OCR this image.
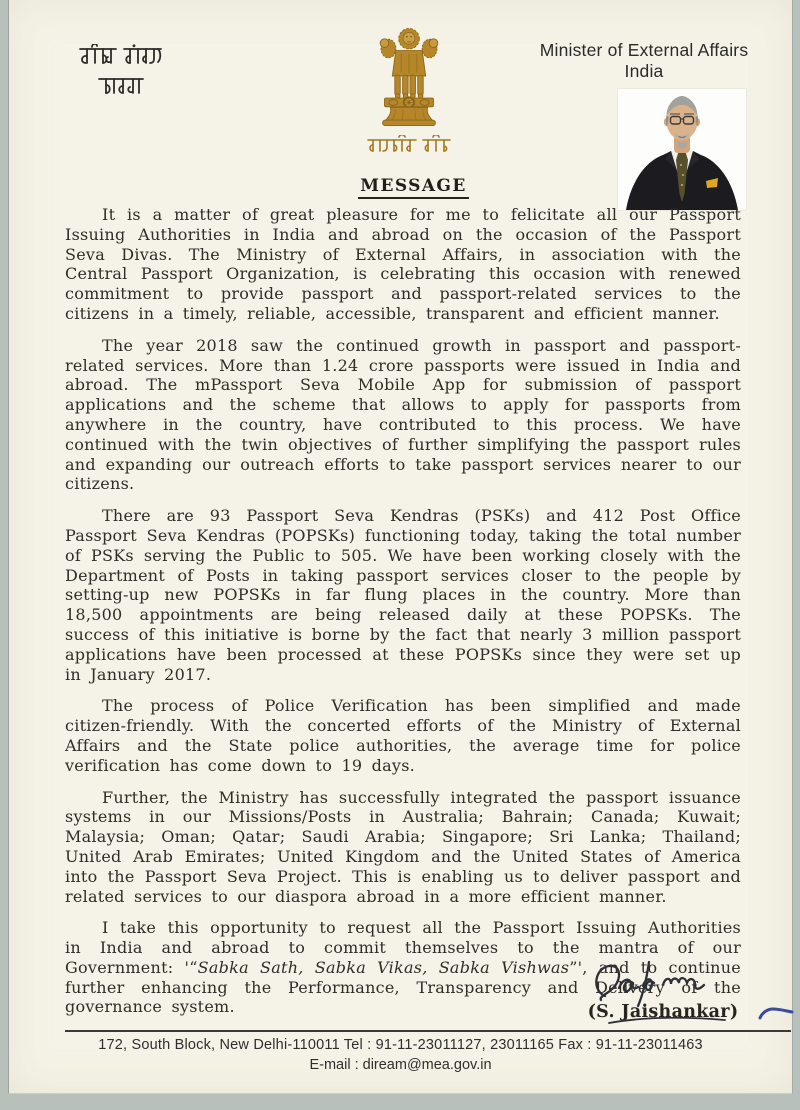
Minister of External Affairs
India
MESSAGE

It is a matter of great pleasure for me to felicitate all our Passport Issuing Authorities in India and abroad on the occasion of the Passport Seva Divas. The Ministry of External Affairs, in association with the Central Passport Organization, is celebrating this occasion with renewed commitment to provide passport and passport-related services to the citizens in a timely, reliable, accessible, transparent and efficient manner.

The year 2018 saw the continued growth in passport and passport-related services. More than 1.24 crore passports were issued in India and abroad. The mPassport Seva Mobile App for submission of passport applications and the scheme that allows to apply for passports from anywhere in the country, have contributed to this process. We have continued with the twin objectives of further simplifying the passport rules and expanding our outreach efforts to take passport services nearer to our citizens.

There are 93 Passport Seva Kendras (PSKs) and 412 Post Office Passport Seva Kendras (POPSKs) functioning today, taking the total number of PSKs serving the Public to 505. We have been working closely with the Department of Posts in taking passport services closer to the people by setting-up new POPSKs in far flung places in the country. More than 18,500 appointments are being released daily at these POPSKs. The success of this initiative is borne by the fact that nearly 3 million passport applications have been processed at these POPSKs since they were set up in January 2017.

The process of Police Verification has been simplified and made citizen-friendly. With the concerted efforts of the Ministry of External Affairs and the State police authorities, the average time for police verification has come down to 19 days.

Further, the Ministry has successfully integrated the passport issuance systems in our Missions/Posts in Australia; Bahrain; Canada; Kuwait; Malaysia; Oman; Qatar; Saudi Arabia; Singapore; Sri Lanka; Thailand; United Arab Emirates; United Kingdom and the United States of America into the Passport Seva Project. This is enabling us to deliver passport and related services to our diaspora abroad in a more efficient manner.

I take this opportunity to request all the Passport Issuing Authorities in India and abroad to commit themselves to the mantra of our Government: '“Sabka Sath, Sabka Vikas, Sabka Vishwas”', and to continue further enhancing the Performance, Transparency and Delivery of the governance system.	(S. Jaishankar)
172, South Block, New Delhi-110011 Tel : 91-11-23011127, 23011165 Fax : 91-11-23011463
E-mail : diream@mea.gov.in
